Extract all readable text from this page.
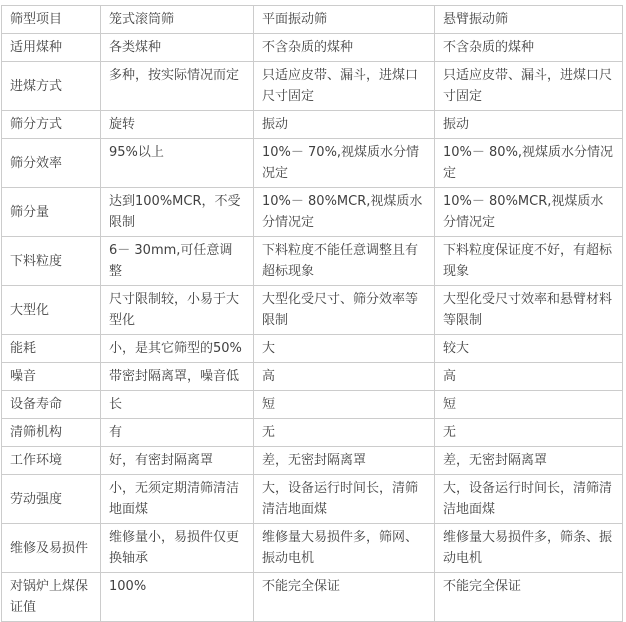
筛型项目	笼式滚筒筛	平面振动筛	悬臂振动筛
适用煤种	各类煤种	不含杂质的煤种	不含杂质的煤种
进煤方式	多种，按实际情况而定	只适应皮带、漏斗，进煤口尺寸固定	只适应皮带、漏斗，进煤口尺寸固定
筛分方式	旋转	振动	振动
筛分效率	95%以上	10%－ 70%,视煤质水分情况定	10%－ 80%,视煤质水分情况定
筛分量	达到100%MCR，不受限制	10%－ 80%MCR,视煤质水分情况定	10%－ 80%MCR,视煤质水分情况定
下料粒度	6－ 30mm,可任意调整	下料粒度不能任意调整且有超标现象	下料粒度保证度不好，有超标现象
大型化	尺寸限制较，小易于大型化	大型化受尺寸、筛分效率等限制	大型化受尺寸效率和悬臂材料等限制
能耗	小，是其它筛型的50%	大	较大
噪音	带密封隔离罩，噪音低	高	高
设备寿命	长	短	短
清筛机构	有	无	无
工作环境	好，有密封隔离罩	差，无密封隔离罩	差，无密封隔离罩
劳动强度	小，无须定期清筛清洁地面煤	大，设备运行时间长，清筛清洁地面煤	大，设备运行时间长，清筛清洁地面煤
维修及易损件	维修量小，易损件仅更换轴承	维修量大易损件多，筛网、振动电机	维修量大易损件多，筛条、振动电机
对锅炉上煤保证值	100%	不能完全保证	不能完全保证
